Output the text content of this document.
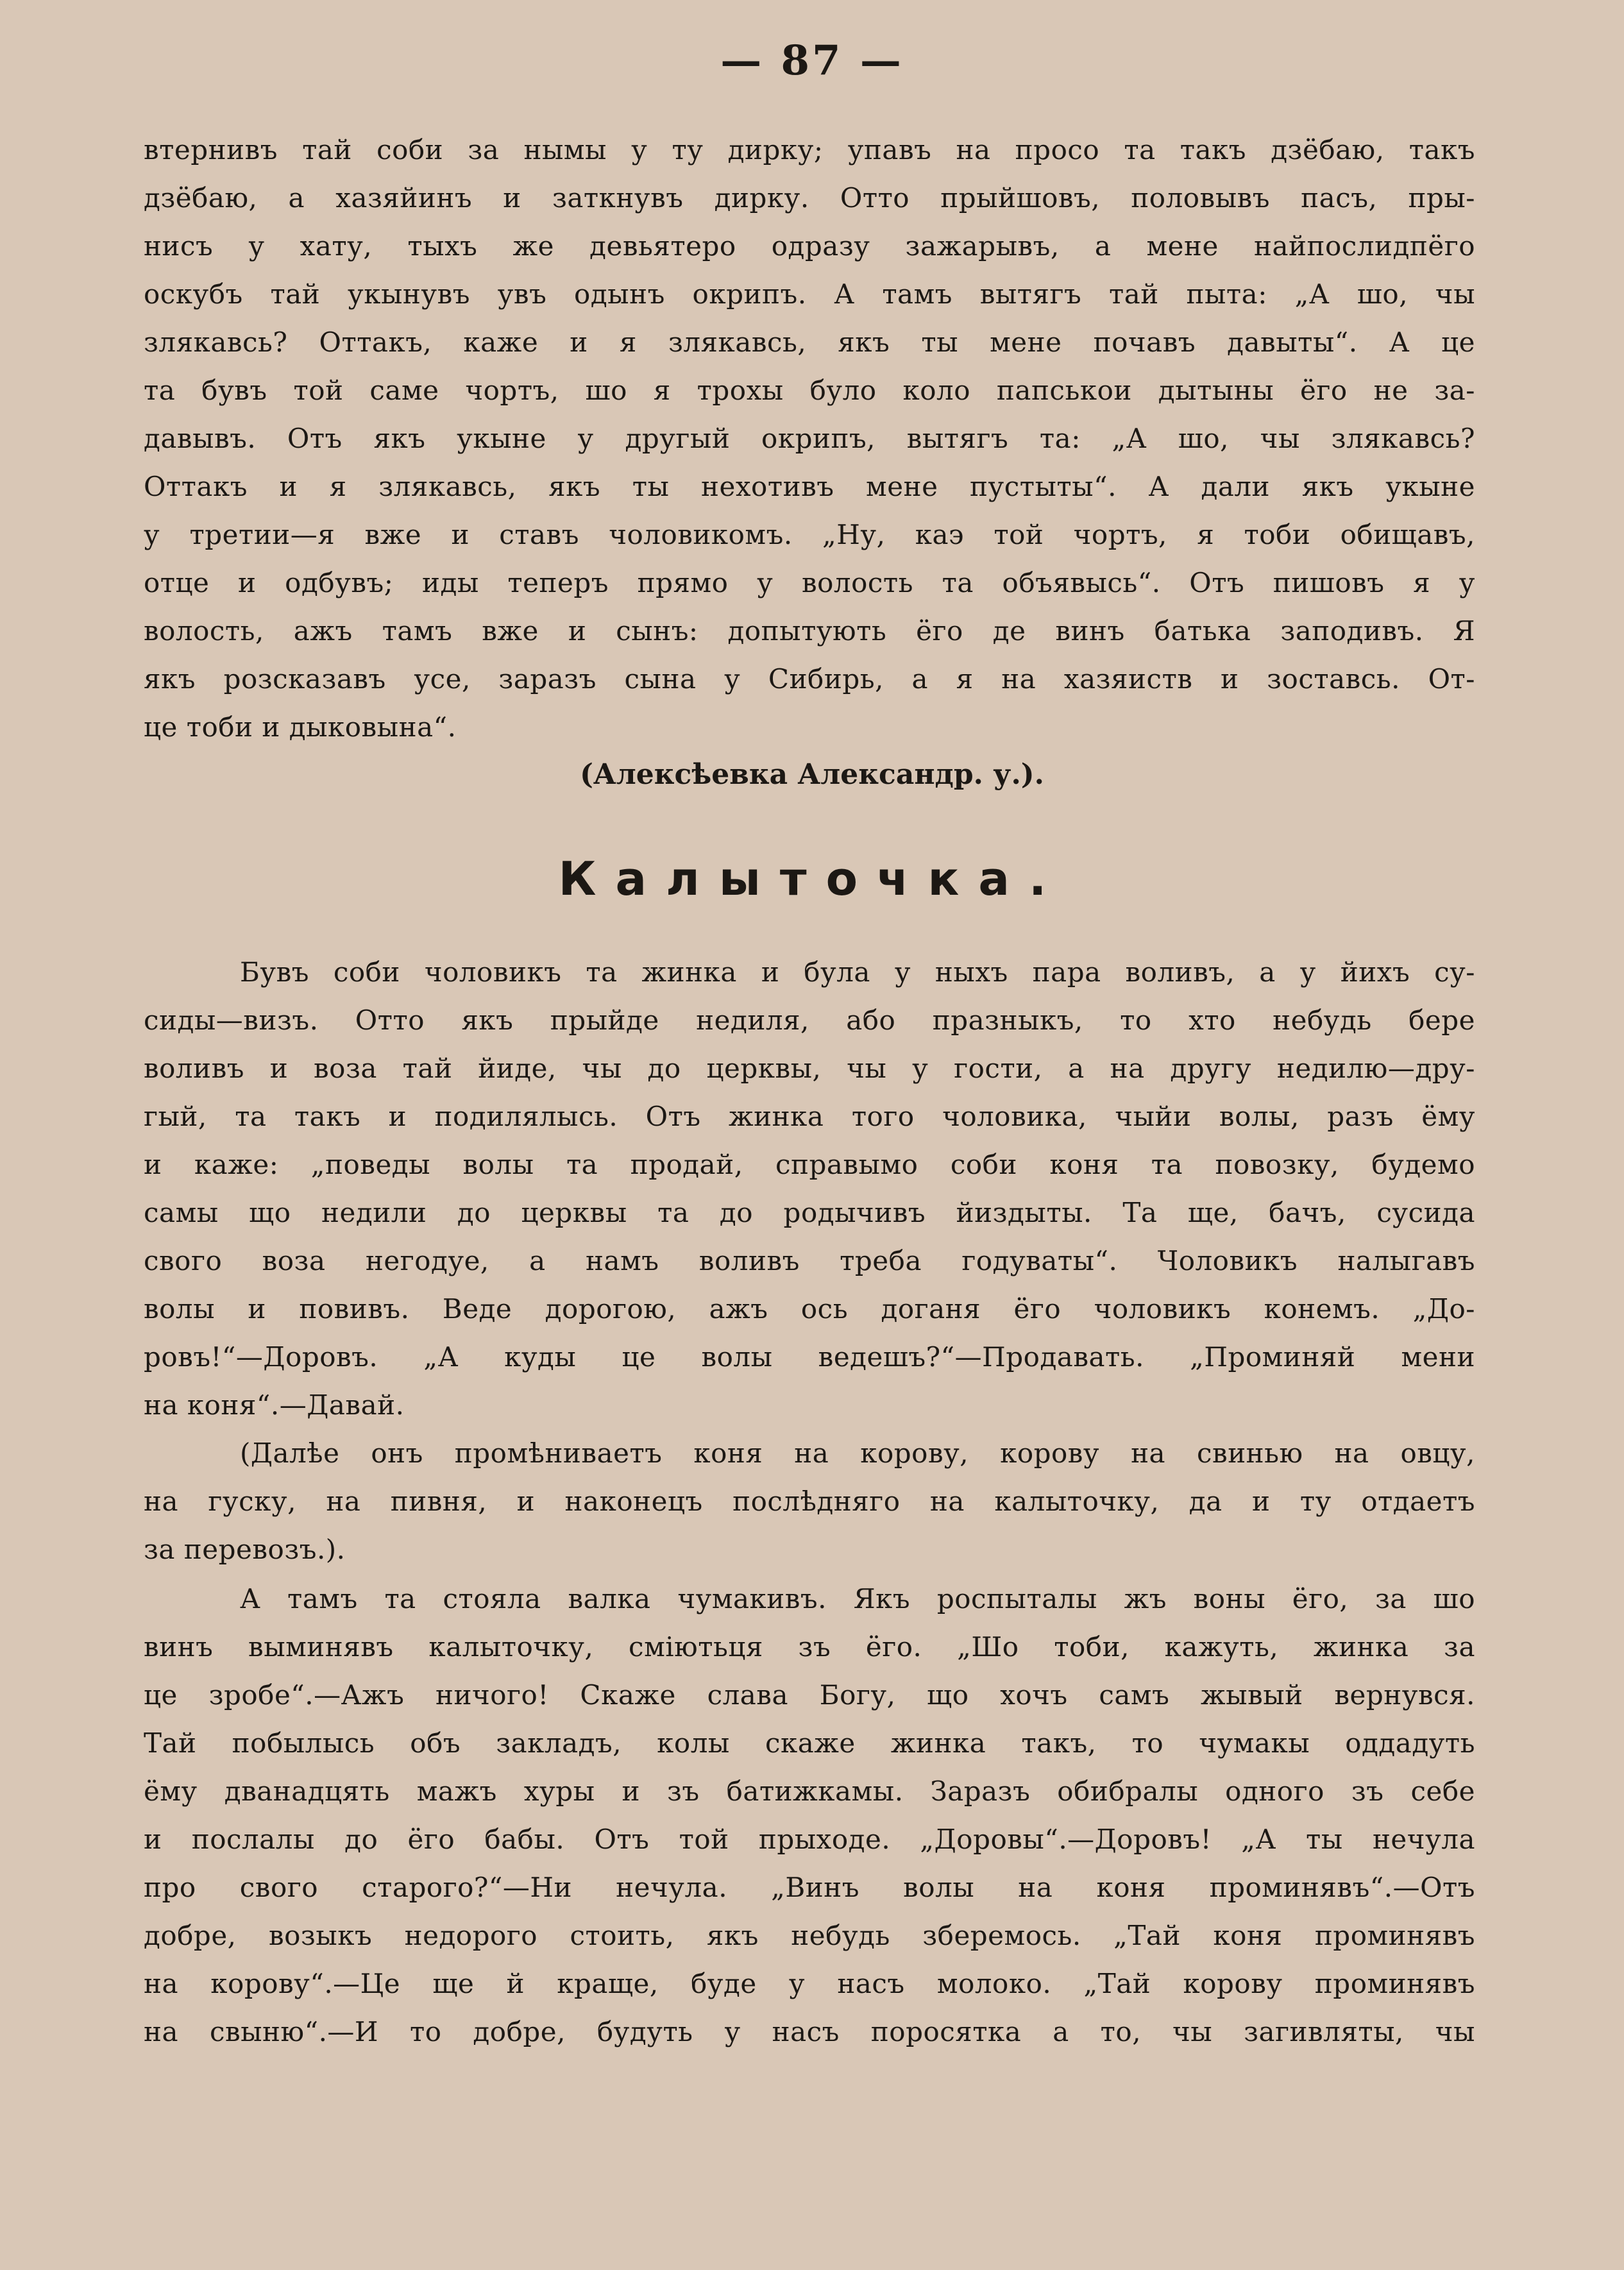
— 87 —
втернивъ тай соби за нымы у ту дирку; упавъ на просо та такъ дзёбаю, такъ
дзёбаю, а хазяйинъ и заткнувъ дирку. Отто прыйшовъ, половывъ пасъ, пры-
нисъ у хату, тыхъ же девьятеро одразу зажарывъ, а мене найпослидпёго
оскубъ тай укынувъ увъ одынъ окрипъ. А тамъ вытягъ тай пыта: „А шо, чы
злякавсь? Оттакъ, каже и я злякавсь, якъ ты мене почавъ давыты“. А це
та бувъ той саме чортъ, шо я трохы було коло папськои дытыны ёго не за-
давывъ. Отъ якъ укыне у другый окрипъ, вытягъ та: „А шо, чы злякавсь?
Оттакъ и я злякавсь, якъ ты нехотивъ мене пустыты“. А дали якъ укыне
у третии—я вже и ставъ чоловикомъ. „Ну, каэ той чортъ, я тоби обищавъ,
отце и одбувъ; иды теперъ прямо у волость та объявысь“. Отъ пишовъ я у
волость, ажъ тамъ вже и сынъ: допытують ёго де винъ батька заподивъ. Я
якъ розсказавъ усе, заразъ сына у Сибирь, а я на хазяиств и зоставсь. От-
це тоби и дыковына“.
(Алексѣевка Александр. у.).
Калыточка.
Бувъ соби чоловикъ та жинка и була у ныхъ пара воливъ, а у йихъ су-
сиды—визъ. Отто якъ прыйде недиля, або празныкъ, то хто небудь бере
воливъ и воза тай йиде, чы до церквы, чы у гости, а на другу недилю—дру-
гый, та такъ и подилялысь. Отъ жинка того чоловика, чыйи волы, разъ ёму
и каже: „поведы волы та продай, справымо соби коня та повозку, будемо
самы що недили до церквы та до родычивъ йиздыты. Та ще, бачъ, сусида
свого воза негодуе, а намъ воливъ треба годуваты“. Чоловикъ налыгавъ
волы и повивъ. Веде дорогою, ажъ ось доганя ёго чоловикъ конемъ. „До-
ровъ!“—Доровъ. „А куды це волы ведешъ?“—Продавать. „Проминяй мени
на коня“.—Давай.
(Далѣе онъ промѣниваетъ коня на корову, корову на свинью на овцу,
на гуску, на пивня, и наконецъ послѣдняго на калыточку, да и ту отдаетъ
за перевозъ.).
А тамъ та стояла валка чумакивъ. Якъ роспыталы жъ воны ёго, за шо
винъ выминявъ калыточку, сміютьця зъ ёго. „Шо тоби, кажуть, жинка за
це зробе“.—Ажъ ничого! Скаже слава Богу, що хочъ самъ жывый вернувся.
Тай побылысь объ закладъ, колы скаже жинка такъ, то чумакы оддадуть
ёму дванадцять мажъ хуры и зъ батижкамы. Заразъ обибралы одного зъ себе
и послалы до ёго бабы. Отъ той прыходе. „Доровы“.—Доровъ! „А ты нечула
про свого старого?“—Ни нечула. „Винъ волы на коня проминявъ“.—Отъ
добре, возыкъ недорого стоить, якъ небудь зберемось. „Тай коня проминявъ
на корову“.—Це ще й краще, буде у насъ молоко. „Тай корову проминявъ
на свыню“.—И то добре, будуть у насъ поросятка а то, чы загивляты, чы
